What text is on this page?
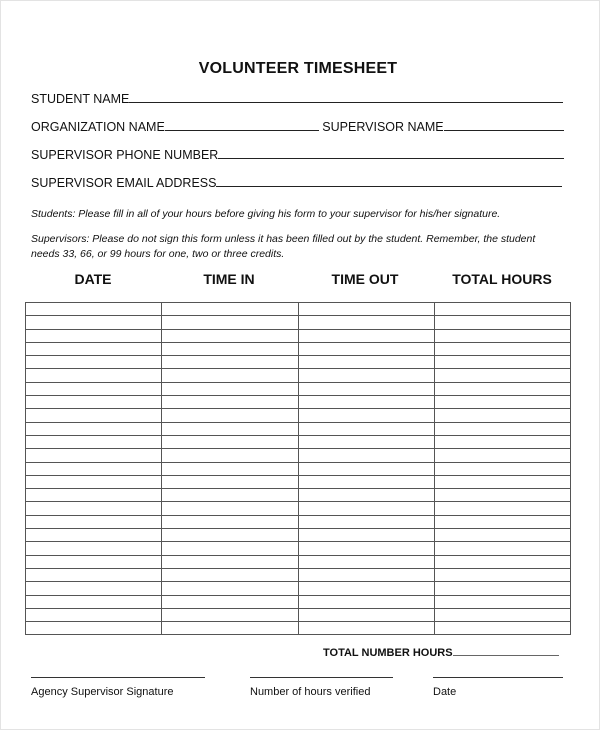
VOLUNTEER TIMESHEET
STUDENT NAME
ORGANIZATION NAME	SUPERVISOR NAME
SUPERVISOR PHONE NUMBER
SUPERVISOR EMAIL ADDRESS
Students: Please fill in all of your hours before giving his form to your supervisor for his/her signature.
Supervisors: Please do not sign this form unless it has been filled out by the student. Remember, the student needs 33, 66, or 99 hours for one, two or three credits.
DATE	TIME IN	TIME OUT	TOTAL HOURS

TOTAL NUMBER HOURS
Agency Supervisor Signature	Number of hours verified	Date
